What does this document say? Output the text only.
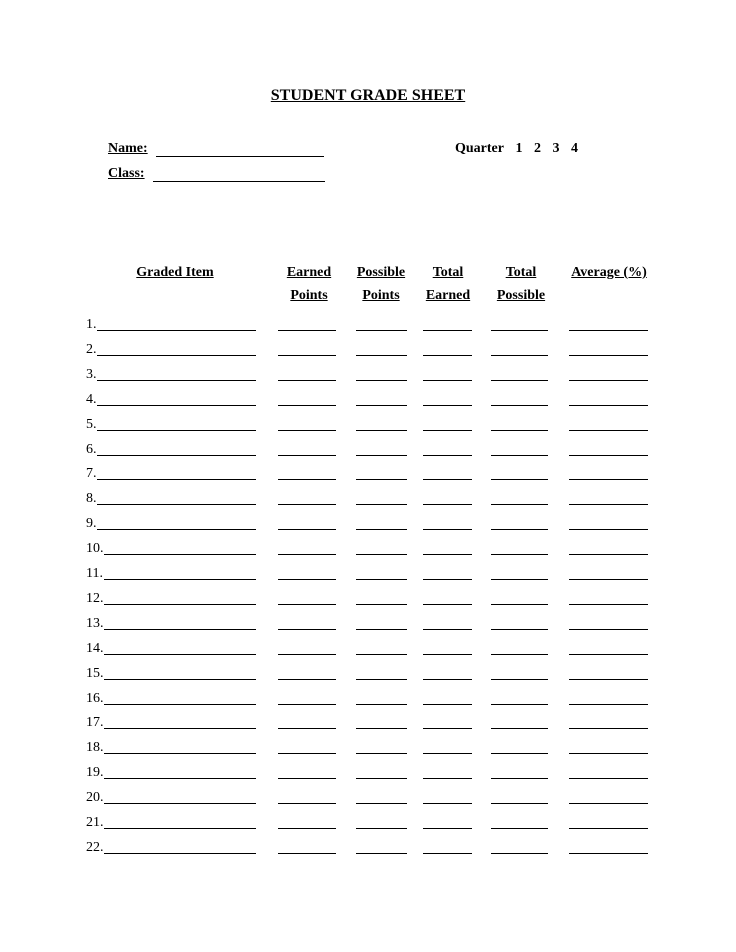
STUDENT GRADE SHEET
Name:
Class:
Quarter 1 2 3 4
Graded Item	Earned
Points
Possible
Points
Total
Earned
Total
Possible
Average (%)
1.
2.
3.
4.
5.
6.
7.
8.
9.
10.
11.
12.
13.
14.
15.
16.
17.
18.
19.
20.
21.
22.
